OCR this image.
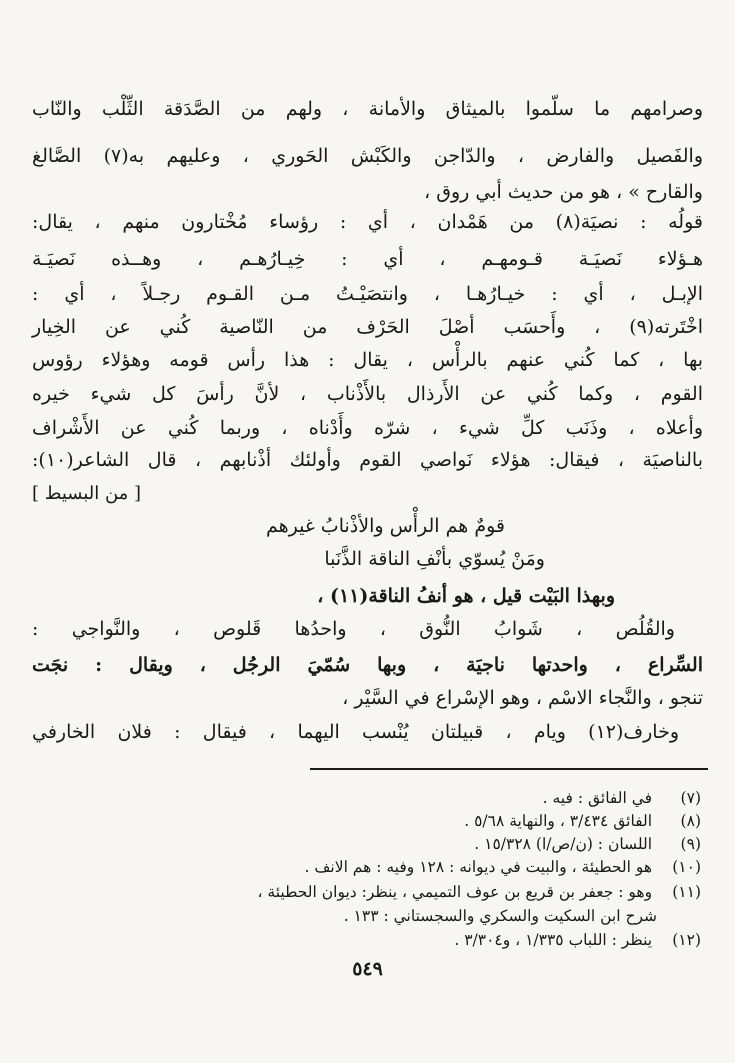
وصرامهم ما سلّموا بالميثاق والأمانة ، ولهم من الصَّدَقة الثِّلْب والنّاب
والفَصيل والفارض ، والدّاجن والكَبْش الحَوري ، وعليهم به(٧) الصَّالغ
والقارح » ، هو من حديث أبي روق ،
قولُه : نصيَة(٨) من هَمْدان ، أي : رؤساء مُخْتارون منهم ، يقال:
هـؤلاء نَصيَـة قـومهـم ، أي : خِيـارُهـم ، وهــذه نَصيَـة
الإبـل ، أي : خيـارُهـا ، وانتصَيْـتُ مـن القـوم رجـلاً ، أي :
اخْتَرته(٩) ، وأَحسَب أصْلَ الحَرْف من النّاصية كُني عن الخِيار
بها ، كما كُني عنهم بالرأْس ، يقال : هذا رأس قومه وهؤلاء رؤوس
القوم ، وكما كُني عن الأَرذال بالأَذْناب ، لأنَّ رأسَ كل شيء خيره
وأعلاه ، وذَنَب كلِّ شيء ، شرّه وأَدْناه ، وربما كُني عن الأَشْراف
بالناصيَة ، فيقال: هؤلاء نَواصي القوم وأولئك أذْنابهم ، قال الشاعر(١٠):
[ من البسيط ]
قومٌ هم الرأْس والأذْنابُ غيرهم
ومَنْ يُسوّي بأنْفِ الناقة الذَّنَبا
وبهذا البَيْت قيل ، هو أنفُ الناقة(١١) ،
والقُلُص ، شَوابُ النُّوق ، واحدُها قَلوص ، والنَّواجي :
السِّراع ، واحدتها ناجيَة ، وبها سُمّيَ الرجُل ، ويقال : نجَت
تنجو ، والنَّجاء الاسْم ، وهو الإسْراع في السَّيْر ،
وخارف(١٢) ويام ، قبيلتان يُنْسب اليهما ، فيقال : فلان الخارفي
(٧) في الفائق : فيه .
(٨) الفائق ٣/٤٣٤ ، والنهاية ٥/٦٨ .
(٩) اللسان : (ن/ص/ا) ١٥/٣٢٨ .
(١٠) هو الحطيئة ، والبيت في ديوانه : ١٢٨ وفيه : هم الانف .
(١١) وهو : جعفر بن قريع بن عوف التميمي ، ينظر: ديوان الحطيئة ،
شرح ابن السكيت والسكري والسجستاني : ١٣٣ .
(١٢) ينظر : اللباب ١/٣٣٥ ، و٣/٣٠٤ .
٥٤٩
